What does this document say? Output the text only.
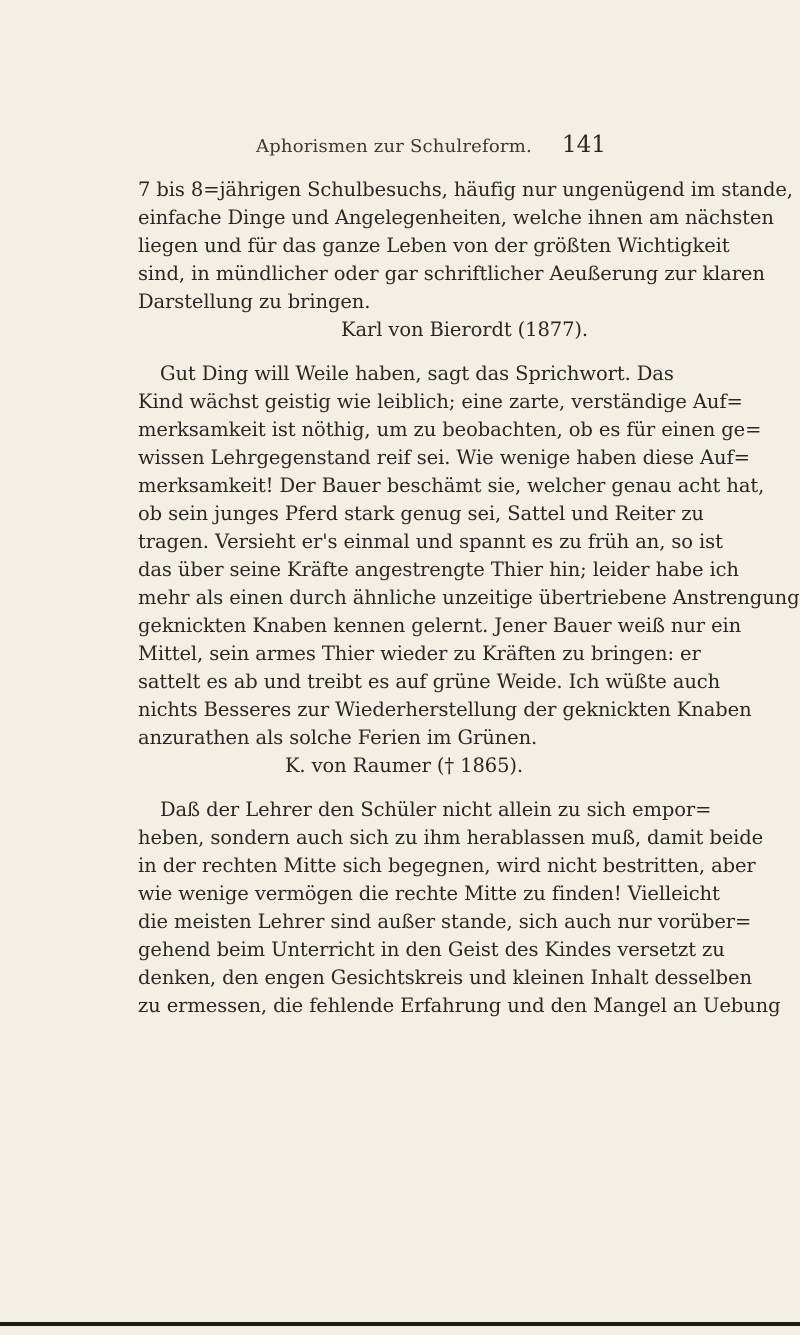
Aphorismen zur Schulreform. 141
7 bis 8=jährigen Schulbesuchs, häufig nur ungenügend im stande,
einfache Dinge und Angelegenheiten, welche ihnen am nächsten
liegen und für das ganze Leben von der größten Wichtigkeit
sind, in mündlicher oder gar schriftlicher Aeußerung zur klaren
Darstellung zu bringen.
Karl von Bierordt (1877).
Gut Ding will Weile haben, sagt das Sprichwort. Das
Kind wächst geistig wie leiblich; eine zarte, verständige Auf=
merksamkeit ist nöthig, um zu beobachten, ob es für einen ge=
wissen Lehrgegenstand reif sei. Wie wenige haben diese Auf=
merksamkeit! Der Bauer beschämt sie, welcher genau acht hat,
ob sein junges Pferd stark genug sei, Sattel und Reiter zu
tragen. Versieht er's einmal und spannt es zu früh an, so ist
das über seine Kräfte angestrengte Thier hin; leider habe ich
mehr als einen durch ähnliche unzeitige übertriebene Anstrengung
geknickten Knaben kennen gelernt. Jener Bauer weiß nur ein
Mittel, sein armes Thier wieder zu Kräften zu bringen: er
sattelt es ab und treibt es auf grüne Weide. Ich wüßte auch
nichts Besseres zur Wiederherstellung der geknickten Knaben
anzurathen als solche Ferien im Grünen.
K. von Raumer († 1865).
Daß der Lehrer den Schüler nicht allein zu sich empor=
heben, sondern auch sich zu ihm herablassen muß, damit beide
in der rechten Mitte sich begegnen, wird nicht bestritten, aber
wie wenige vermögen die rechte Mitte zu finden! Vielleicht
die meisten Lehrer sind außer stande, sich auch nur vorüber=
gehend beim Unterricht in den Geist des Kindes versetzt zu
denken, den engen Gesichtskreis und kleinen Inhalt desselben
zu ermessen, die fehlende Erfahrung und den Mangel an Uebung
